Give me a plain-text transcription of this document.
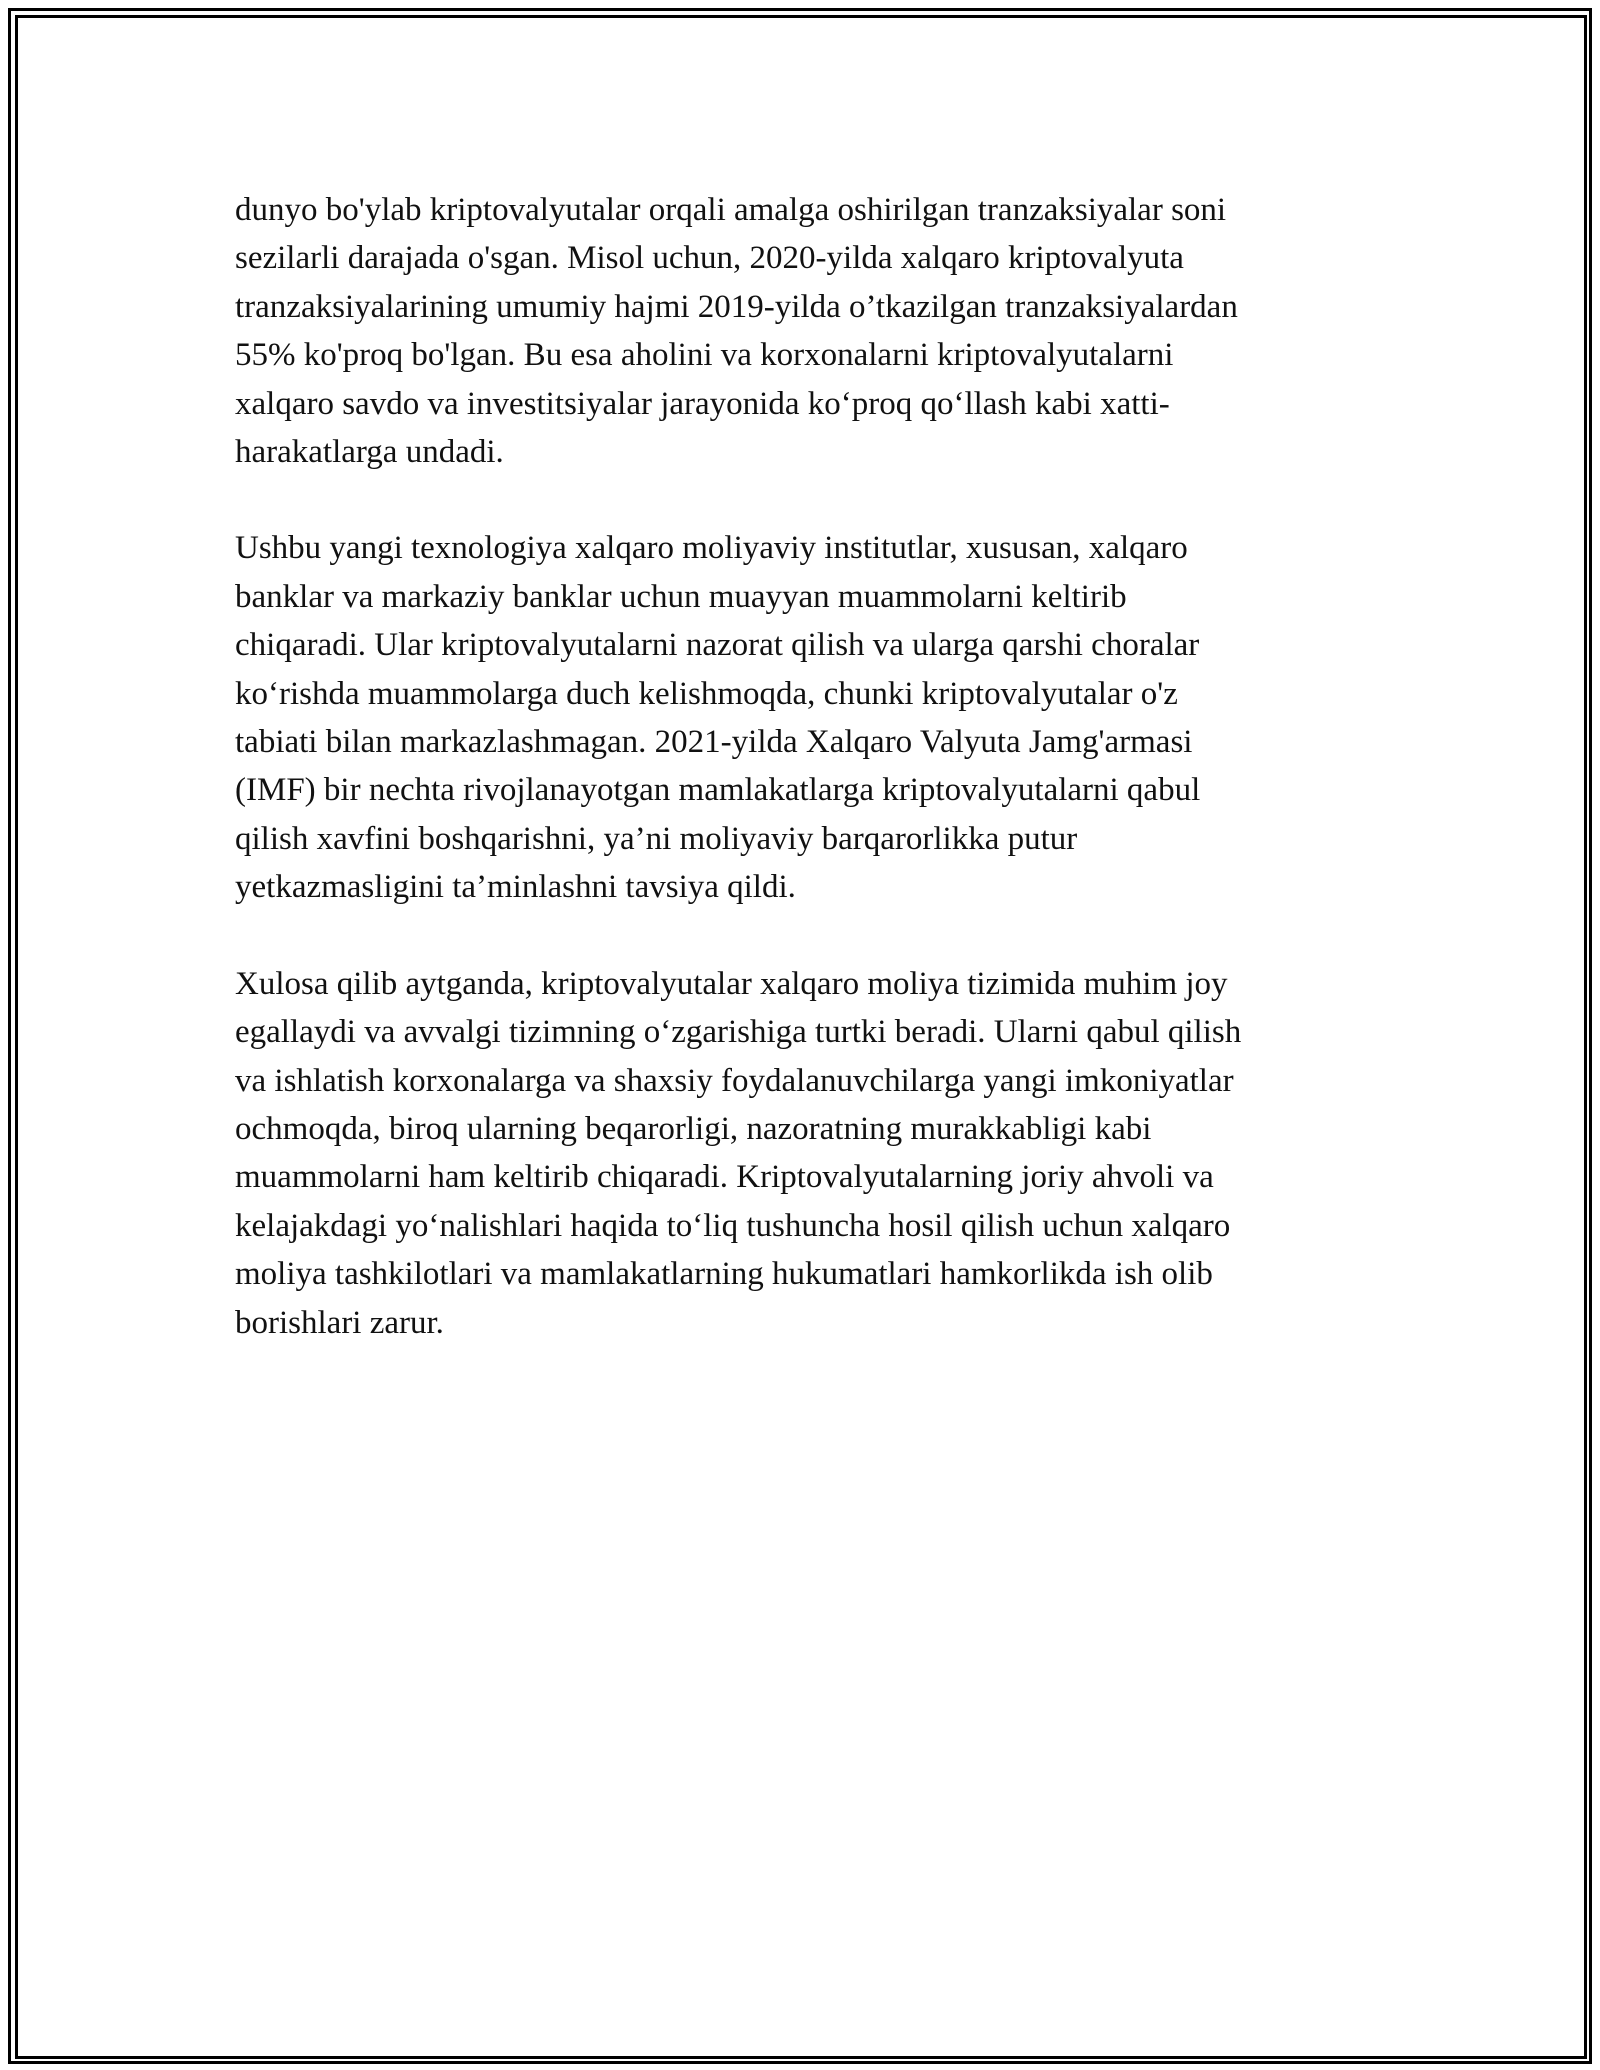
dunyo bo'ylab kriptovalyutalar orqali amalga oshirilgan tranzaksiyalar soni
sezilarli darajada o'sgan. Misol uchun, 2020-yilda xalqaro kriptovalyuta
tranzaksiyalarining umumiy hajmi 2019-yilda o’tkazilgan tranzaksiyalardan
55% ko'proq bo'lgan. Bu esa aholini va korxonalarni kriptovalyutalarni
xalqaro savdo va investitsiyalar jarayonida ko‘proq qo‘llash kabi xatti-
harakatlarga undadi.

Ushbu yangi texnologiya xalqaro moliyaviy institutlar, xususan, xalqaro
banklar va markaziy banklar uchun muayyan muammolarni keltirib
chiqaradi. Ular kriptovalyutalarni nazorat qilish va ularga qarshi choralar
ko‘rishda muammolarga duch kelishmoqda, chunki kriptovalyutalar o'z
tabiati bilan markazlashmagan. 2021-yilda Xalqaro Valyuta Jamg'armasi
(IMF) bir nechta rivojlanayotgan mamlakatlarga kriptovalyutalarni qabul
qilish xavfini boshqarishni, ya’ni moliyaviy barqarorlikka putur
yetkazmasligini ta’minlashni tavsiya qildi.

Xulosa qilib aytganda, kriptovalyutalar xalqaro moliya tizimida muhim joy
egallaydi va avvalgi tizimning o‘zgarishiga turtki beradi. Ularni qabul qilish
va ishlatish korxonalarga va shaxsiy foydalanuvchilarga yangi imkoniyatlar
ochmoqda, biroq ularning beqarorligi, nazoratning murakkabligi kabi
muammolarni ham keltirib chiqaradi. Kriptovalyutalarning joriy ahvoli va
kelajakdagi yo‘nalishlari haqida to‘liq tushuncha hosil qilish uchun xalqaro
moliya tashkilotlari va mamlakatlarning hukumatlari hamkorlikda ish olib
borishlari zarur.
